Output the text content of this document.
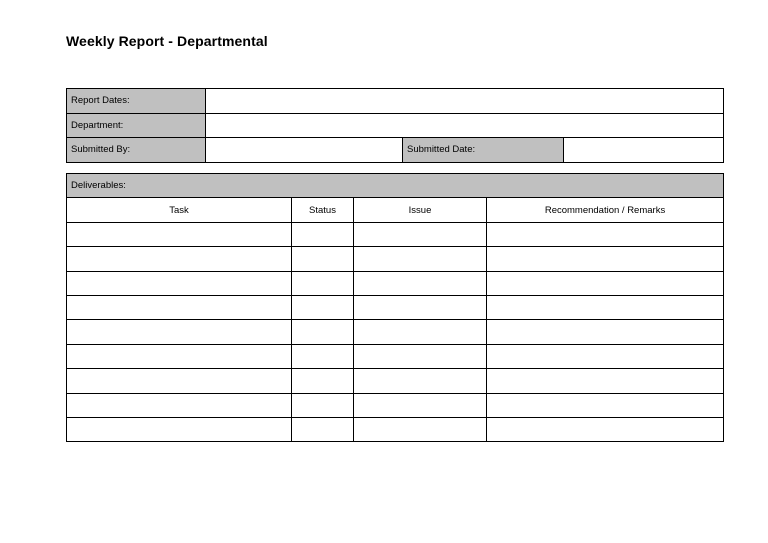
Weekly Report - Departmental
Report Dates:			
Department:			
Submitted By:		Submitted Date:	
Deliverables:			
Task	Status	Issue	Recommendation / Remarks
